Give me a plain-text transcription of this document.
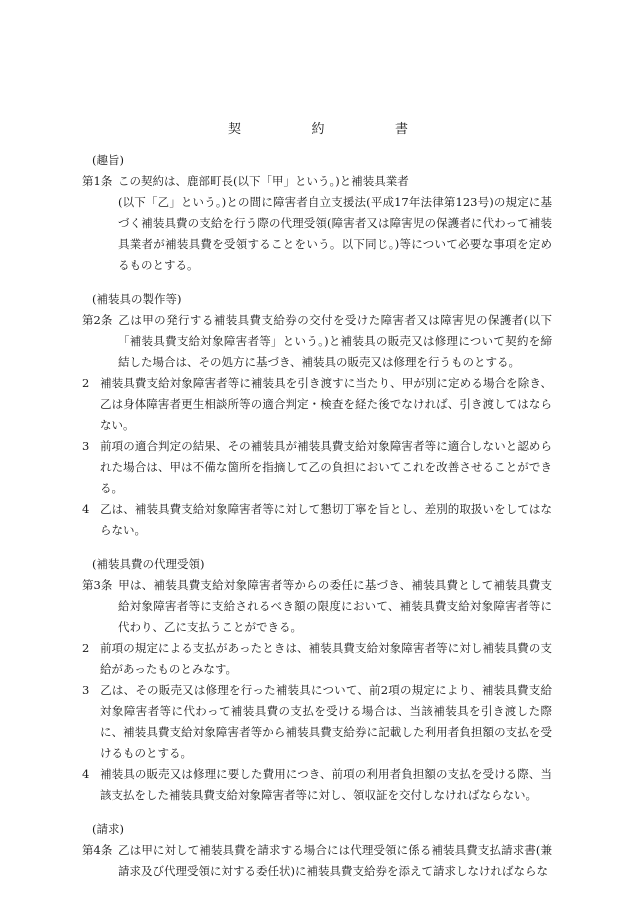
契	約	書
(趣旨)
第1条 この契約は、鹿部町長(以下「甲」という。)と補装具業者
(以下「乙」という。)との間に障害者自立支援法(平成17年法律第123号)の規定に基づく補装具費の支給を行う際の代理受領(障害者又は障害児の保護者に代わって補装具業者が補装具費を受領することをいう。以下同じ。)等について必要な事項を定めるものとする。
(補装具の製作等)
第2条 乙は甲の発行する補装具費支給券の交付を受けた障害者又は障害児の保護者(以下「補装具費支給対象障害者等」という。)と補装具の販売又は修理について契約を締結した場合は、その処方に基づき、補装具の販売又は修理を行うものとする。
2 補装具費支給対象障害者等に補装具を引き渡すに当たり、甲が別に定める場合を除き、乙は身体障害者更生相談所等の適合判定・検査を経た後でなければ、引き渡してはならない。
3 前項の適合判定の結果、その補装具が補装具費支給対象障害者等に適合しないと認められた場合は、甲は不備な箇所を指摘して乙の負担においてこれを改善させることができる。
4 乙は、補装具費支給対象障害者等に対して懇切丁寧を旨とし、差別的取扱いをしてはならない。
(補装具費の代理受領)
第3条 甲は、補装具費支給対象障害者等からの委任に基づき、補装具費として補装具費支給対象障害者等に支給されるべき額の限度において、補装具費支給対象障害者等に代わり、乙に支払うことができる。
2 前項の規定による支払があったときは、補装具費支給対象障害者等に対し補装具費の支給があったものとみなす。
3 乙は、その販売又は修理を行った補装具について、前2項の規定により、補装具費支給対象障害者等に代わって補装具費の支払を受ける場合は、当該補装具を引き渡した際に、補装具費支給対象障害者等から補装具費支給券に記載した利用者負担額の支払を受けるものとする。
4 補装具の販売又は修理に要した費用につき、前項の利用者負担額の支払を受ける際、当該支払をした補装具費支給対象障害者等に対し、領収証を交付しなければならない。
(請求)
第4条 乙は甲に対して補装具費を請求する場合には代理受領に係る補装具費支払請求書(兼請求及び代理受領に対する委任状)に補装具費支給券を添えて請求しなければならな
